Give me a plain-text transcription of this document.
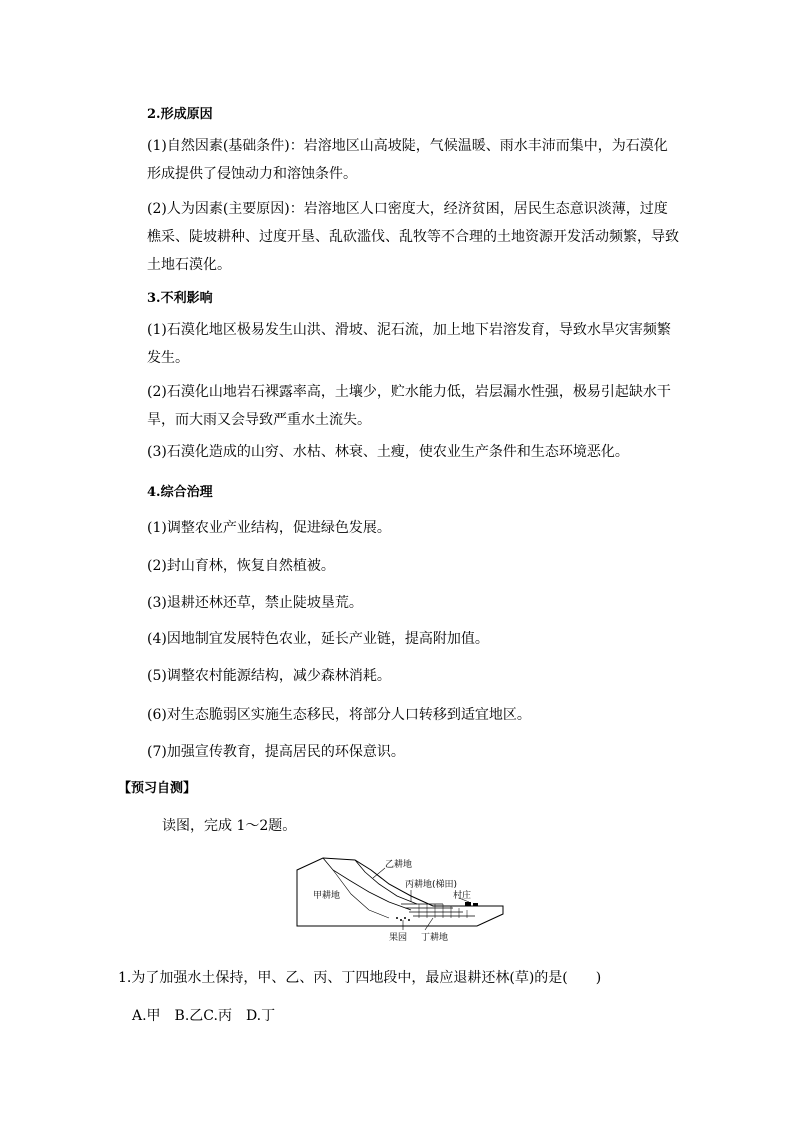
2.形成原因
(1)自然因素(基础条件)：岩溶地区山高坡陡，气候温暖、雨水丰沛而集中，为石漠化形成提供了侵蚀动力和溶蚀条件。
(2)人为因素(主要原因)：岩溶地区人口密度大，经济贫困，居民生态意识淡薄，过度樵采、陡坡耕种、过度开垦、乱砍滥伐、乱牧等不合理的土地资源开发活动频繁，导致土地石漠化。
3.不利影响
(1)石漠化地区极易发生山洪、滑坡、泥石流，加上地下岩溶发育，导致水旱灾害频繁发生。
(2)石漠化山地岩石裸露率高，土壤少，贮水能力低，岩层漏水性强，极易引起缺水干旱，而大雨又会导致严重水土流失。
(3)石漠化造成的山穷、水枯、林衰、土瘦，使农业生产条件和生态环境恶化。
4.综合治理
(1)调整农业产业结构，促进绿色发展。
(2)封山育林，恢复自然植被。
(3)退耕还林还草，禁止陡坡垦荒。
(4)因地制宜发展特色农业，延长产业链，提高附加值。
(5)调整农村能源结构，减少森林消耗。
(6)对生态脆弱区实施生态移民，将部分人口转移到适宜地区。
(7)加强宣传教育，提高居民的环保意识。
【预习自测】
读图，完成 1～2题。
乙耕地
丙耕地(梯田)
村庄
甲耕地
果园 丁耕地
1.为了加强水土保持，甲、乙、丙、丁四地段中，最应退耕还林(草)的是(　　)
A.甲　B.乙C.丙　D.丁
